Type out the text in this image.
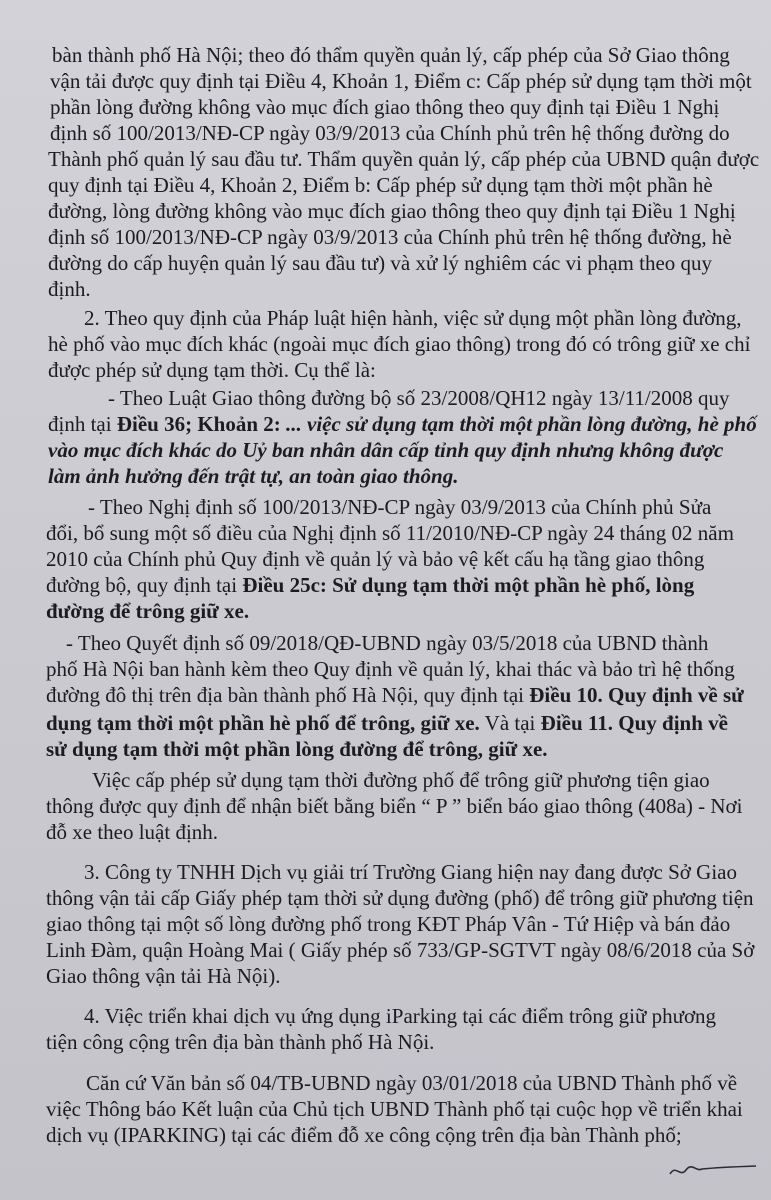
bàn thành phố Hà Nội; theo đó thẩm quyền quản lý, cấp phép của Sở Giao thông
vận tải được quy định tại Điều 4, Khoản 1, Điểm c: Cấp phép sử dụng tạm thời một
phần lòng đường không vào mục đích giao thông theo quy định tại Điều 1 Nghị
định số 100/2013/NĐ-CP ngày 03/9/2013 của Chính phủ trên hệ thống đường do
Thành phố quản lý sau đầu tư. Thẩm quyền quản lý, cấp phép của UBND quận được
quy định tại Điều 4, Khoản 2, Điểm b: Cấp phép sử dụng tạm thời một phần hè
đường, lòng đường không vào mục đích giao thông theo quy định tại Điều 1 Nghị
định số 100/2013/NĐ-CP ngày 03/9/2013 của Chính phủ trên hệ thống đường, hè
đường do cấp huyện quản lý sau đầu tư) và xử lý nghiêm các vi phạm theo quy
định.
2. Theo quy định của Pháp luật hiện hành, việc sử dụng một phần lòng đường,
hè phố vào mục đích khác (ngoài mục đích giao thông) trong đó có trông giữ xe chỉ
được phép sử dụng tạm thời. Cụ thể là:
- Theo Luật Giao thông đường bộ số 23/2008/QH12 ngày 13/11/2008 quy
định tại Điều 36; Khoản 2: ... việc sử dụng tạm thời một phần lòng đường, hè phố
vào mục đích khác do Uỷ ban nhân dân cấp tỉnh quy định nhưng không được
làm ảnh hưởng đến trật tự, an toàn giao thông.
- Theo Nghị định số 100/2013/NĐ-CP ngày 03/9/2013 của Chính phủ Sửa
đổi, bổ sung một số điều của Nghị định số 11/2010/NĐ-CP ngày 24 tháng 02 năm
2010 của Chính phủ Quy định về quản lý và bảo vệ kết cấu hạ tầng giao thông
đường bộ, quy định tại Điều 25c: Sử dụng tạm thời một phần hè phố, lòng
đường để trông giữ xe.
- Theo Quyết định số 09/2018/QĐ-UBND ngày 03/5/2018 của UBND thành
phố Hà Nội ban hành kèm theo Quy định về quản lý, khai thác và bảo trì hệ thống
đường đô thị trên địa bàn thành phố Hà Nội, quy định tại Điều 10. Quy định về sử
dụng tạm thời một phần hè phố để trông, giữ xe. Và tại Điều 11. Quy định về
sử dụng tạm thời một phần lòng đường để trông, giữ xe.
Việc cấp phép sử dụng tạm thời đường phố để trông giữ phương tiện giao
thông được quy định để nhận biết bằng biển “ P ” biển báo giao thông (408a) - Nơi
đỗ xe theo luật định.
3. Công ty TNHH Dịch vụ giải trí Trường Giang hiện nay đang được Sở Giao
thông vận tải cấp Giấy phép tạm thời sử dụng đường (phố) để trông giữ phương tiện
giao thông tại một số lòng đường phố trong KĐT Pháp Vân - Tứ Hiệp và bán đảo
Linh Đàm, quận Hoàng Mai ( Giấy phép số 733/GP-SGTVT ngày 08/6/2018 của Sở
Giao thông vận tải Hà Nội).
4. Việc triển khai dịch vụ ứng dụng iParking tại các điểm trông giữ phương
tiện công cộng trên địa bàn thành phố Hà Nội.
Căn cứ Văn bản số 04/TB-UBND ngày 03/01/2018 của UBND Thành phố về
việc Thông báo Kết luận của Chủ tịch UBND Thành phố tại cuộc họp về triển khai
dịch vụ (IPARKING) tại các điểm đỗ xe công cộng trên địa bàn Thành phố;
